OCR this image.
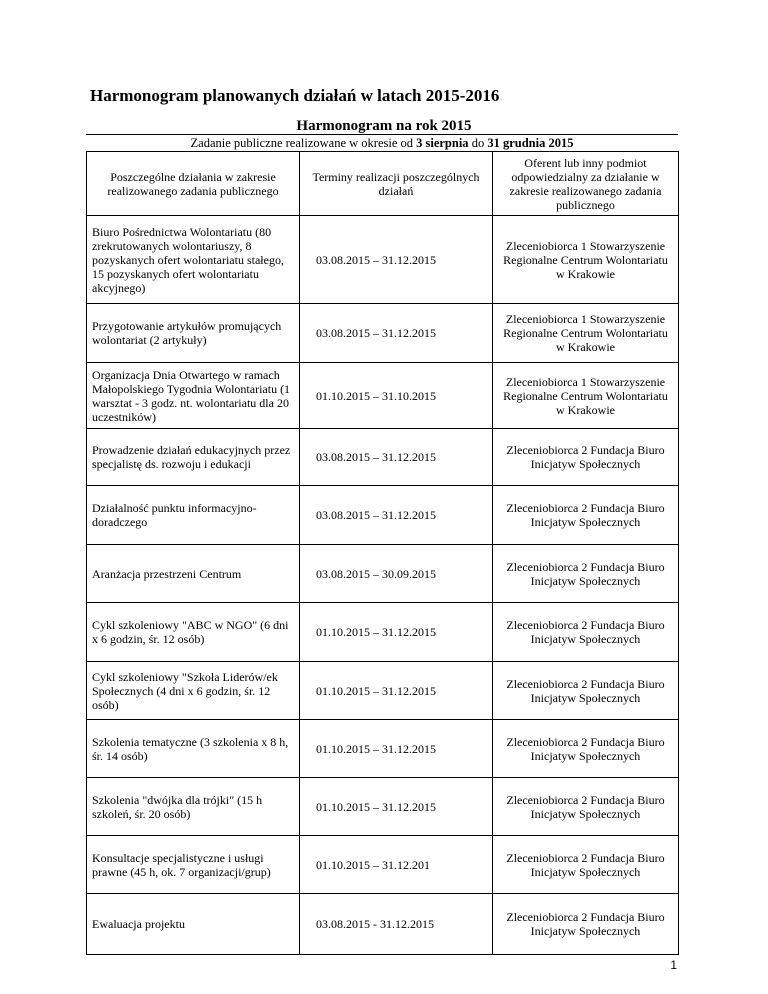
Harmonogram planowanych działań w latach 2015-2016
Harmonogram na rok 2015
Zadanie publiczne realizowane w okresie od 3 sierpnia do 31 grudnia 2015
Poszczególne działania w zakresie realizowanego zadania publicznego	Terminy realizacji poszczególnych działań	Oferent lub inny podmiot odpowiedzialny za działanie w zakresie realizowanego zadania publicznego
Biuro Pośrednictwa Wolontariatu (80 zrekrutowanych wolontariuszy, 8 pozyskanych ofert wolontariatu stałego, 15 pozyskanych ofert wolontariatu akcyjnego)	03.08.2015 – 31.12.2015	Zleceniobiorca 1 Stowarzyszenie Regionalne Centrum Wolontariatu w Krakowie
Przygotowanie artykułów promujących wolontariat (2 artykuły)	03.08.2015 – 31.12.2015	Zleceniobiorca 1 Stowarzyszenie Regionalne Centrum Wolontariatu w Krakowie
Organizacja Dnia Otwartego w ramach Małopolskiego Tygodnia Wolontariatu (1 warsztat - 3 godz. nt. wolontariatu dla 20 uczestników)	01.10.2015 – 31.10.2015	Zleceniobiorca 1 Stowarzyszenie Regionalne Centrum Wolontariatu w Krakowie
Prowadzenie działań edukacyjnych przez specjalistę ds. rozwoju i edukacji	03.08.2015 – 31.12.2015	Zleceniobiorca 2 Fundacja Biuro Inicjatyw Społecznych
Działalność punktu informacyjno-doradczego	03.08.2015 – 31.12.2015	Zleceniobiorca 2 Fundacja Biuro Inicjatyw Społecznych
Aranżacja przestrzeni Centrum	03.08.2015 – 30.09.2015	Zleceniobiorca 2 Fundacja Biuro Inicjatyw Społecznych
Cykl szkoleniowy "ABC w NGO" (6 dni x 6 godzin, śr. 12 osób)	01.10.2015 – 31.12.2015	Zleceniobiorca 2 Fundacja Biuro Inicjatyw Społecznych
Cykl szkoleniowy "Szkoła Liderów/ek Społecznych (4 dni x 6 godzin, śr. 12 osób)	01.10.2015 – 31.12.2015	Zleceniobiorca 2 Fundacja Biuro Inicjatyw Społecznych
Szkolenia tematyczne (3 szkolenia x 8 h, śr. 14 osób)	01.10.2015 – 31.12.2015	Zleceniobiorca 2 Fundacja Biuro Inicjatyw Społecznych
Szkolenia "dwójka dla trójki" (15 h szkoleń, śr. 20 osób)	01.10.2015 – 31.12.2015	Zleceniobiorca 2 Fundacja Biuro Inicjatyw Społecznych
Konsultacje specjalistyczne i usługi prawne (45 h, ok. 7 organizacji/grup)	01.10.2015 – 31.12.201	Zleceniobiorca 2 Fundacja Biuro Inicjatyw Społecznych
Ewaluacja projektu	03.08.2015 - 31.12.2015	Zleceniobiorca 2 Fundacja Biuro Inicjatyw Społecznych
1
